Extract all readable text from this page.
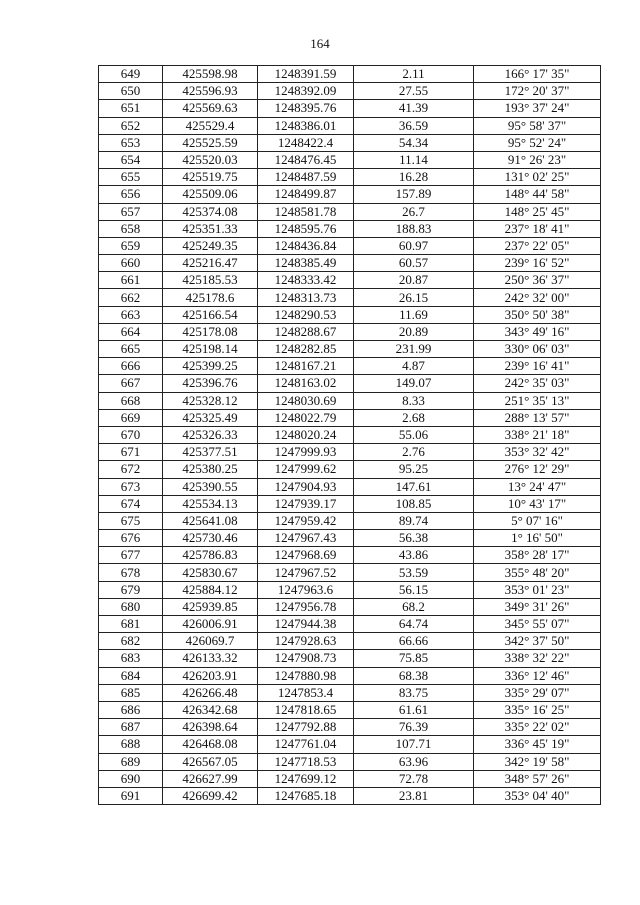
164
649	425598.98	1248391.59	2.11	166° 17' 35"
650	425596.93	1248392.09	27.55	172° 20' 37"
651	425569.63	1248395.76	41.39	193° 37' 24"
652	425529.4	1248386.01	36.59	95° 58' 37"
653	425525.59	1248422.4	54.34	95° 52' 24"
654	425520.03	1248476.45	11.14	91° 26' 23"
655	425519.75	1248487.59	16.28	131° 02' 25"
656	425509.06	1248499.87	157.89	148° 44' 58"
657	425374.08	1248581.78	26.7	148° 25' 45"
658	425351.33	1248595.76	188.83	237° 18' 41"
659	425249.35	1248436.84	60.97	237° 22' 05"
660	425216.47	1248385.49	60.57	239° 16' 52"
661	425185.53	1248333.42	20.87	250° 36' 37"
662	425178.6	1248313.73	26.15	242° 32' 00"
663	425166.54	1248290.53	11.69	350° 50' 38"
664	425178.08	1248288.67	20.89	343° 49' 16"
665	425198.14	1248282.85	231.99	330° 06' 03"
666	425399.25	1248167.21	4.87	239° 16' 41"
667	425396.76	1248163.02	149.07	242° 35' 03"
668	425328.12	1248030.69	8.33	251° 35' 13"
669	425325.49	1248022.79	2.68	288° 13' 57"
670	425326.33	1248020.24	55.06	338° 21' 18"
671	425377.51	1247999.93	2.76	353° 32' 42"
672	425380.25	1247999.62	95.25	276° 12' 29"
673	425390.55	1247904.93	147.61	13° 24' 47"
674	425534.13	1247939.17	108.85	10° 43' 17"
675	425641.08	1247959.42	89.74	5° 07' 16"
676	425730.46	1247967.43	56.38	1° 16' 50"
677	425786.83	1247968.69	43.86	358° 28' 17"
678	425830.67	1247967.52	53.59	355° 48' 20"
679	425884.12	1247963.6	56.15	353° 01' 23"
680	425939.85	1247956.78	68.2	349° 31' 26"
681	426006.91	1247944.38	64.74	345° 55' 07"
682	426069.7	1247928.63	66.66	342° 37' 50"
683	426133.32	1247908.73	75.85	338° 32' 22"
684	426203.91	1247880.98	68.38	336° 12' 46"
685	426266.48	1247853.4	83.75	335° 29' 07"
686	426342.68	1247818.65	61.61	335° 16' 25"
687	426398.64	1247792.88	76.39	335° 22' 02"
688	426468.08	1247761.04	107.71	336° 45' 19"
689	426567.05	1247718.53	63.96	342° 19' 58"
690	426627.99	1247699.12	72.78	348° 57' 26"
691	426699.42	1247685.18	23.81	353° 04' 40"
